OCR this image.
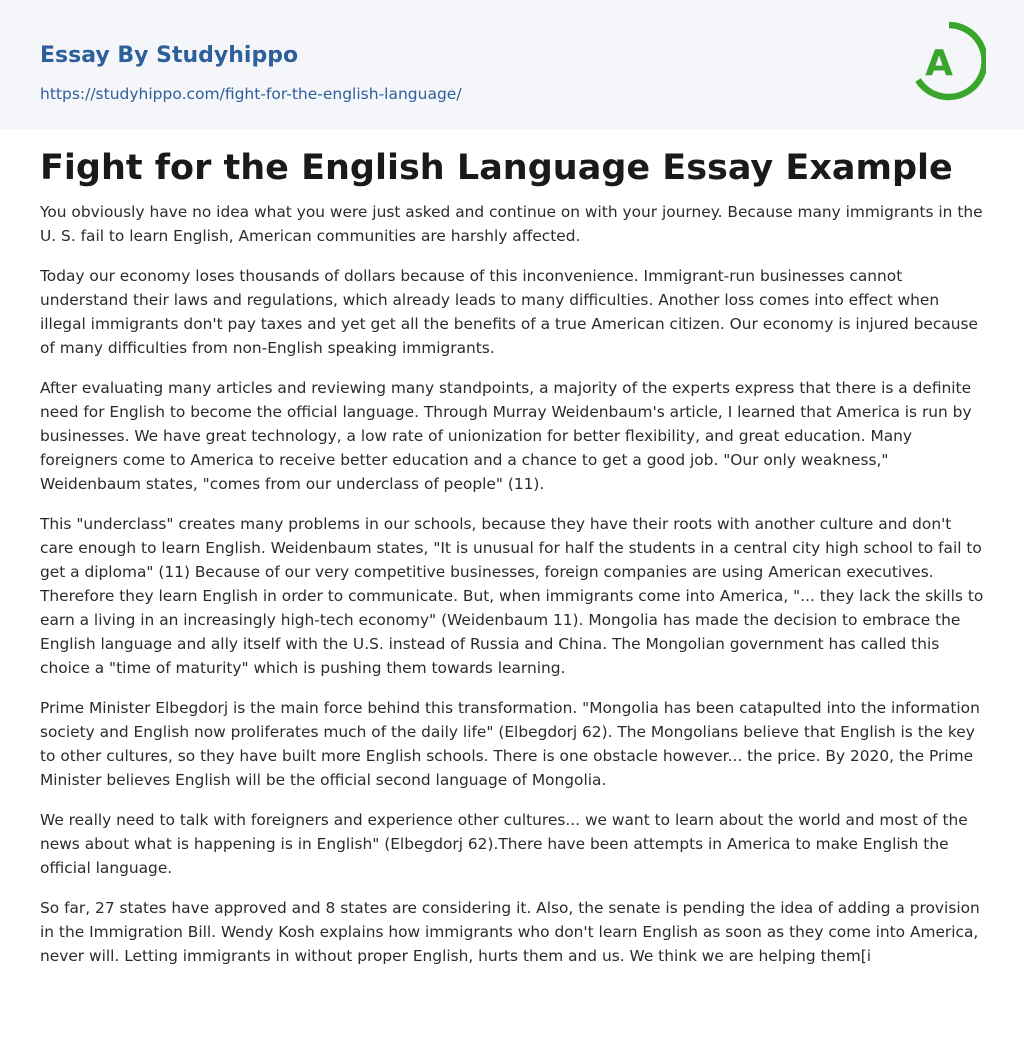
Essay By Studyhippo
https://studyhippo.com/fight-for-the-english-language/
A
Fight for the English Language Essay Example

You obviously have no idea what you were just asked and continue on with your journey. Because many immigrants in the U. S. fail to learn English, American communities are harshly affected.

Today our economy loses thousands of dollars because of this inconvenience. Immigrant-run businesses cannot understand their laws and regulations, which already leads to many difficulties. Another loss comes into effect when illegal immigrants don't pay taxes and yet get all the benefits of a true American citizen. Our economy is injured because of many difficulties from non-English speaking immigrants.

After evaluating many articles and reviewing many standpoints, a majority of the experts express that there is a definite need for English to become the official language. Through Murray Weidenbaum's article, I learned that America is run by businesses. We have great technology, a low rate of unionization for better flexibility, and great education. Many foreigners come to America to receive better education and a chance to get a good job. "Our only weakness," Weidenbaum states, "comes from our underclass of people" (11).

This "underclass" creates many problems in our schools, because they have their roots with another culture and don't care enough to learn English. Weidenbaum states, "It is unusual for half the students in a central city high school to fail to get a diploma" (11) Because of our very competitive businesses, foreign companies are using American executives. Therefore they learn English in order to communicate. But, when immigrants come into America, "... they lack the skills to earn a living in an increasingly high-tech economy" (Weidenbaum 11). Mongolia has made the decision to embrace the English language and ally itself with the U.S. instead of Russia and China. The Mongolian government has called this choice a "time of maturity" which is pushing them towards learning.

Prime Minister Elbegdorj is the main force behind this transformation. "Mongolia has been catapulted into the information society and English now proliferates much of the daily life" (Elbegdorj 62). The Mongolians believe that English is the key to other cultures, so they have built more English schools. There is one obstacle however... the price. By 2020, the Prime Minister believes English will be the official second language of Mongolia.

We really need to talk with foreigners and experience other cultures... we want to learn about the world and most of the news about what is happening is in English" (Elbegdorj 62).There have been attempts in America to make English the official language.

So far, 27 states have approved and 8 states are considering it. Also, the senate is pending the idea of adding a provision in the Immigration Bill. Wendy Kosh explains how immigrants who don't learn English as soon as they come into America, never will. Letting immigrants in without proper English, hurts them and us. We think we are helping them[i
